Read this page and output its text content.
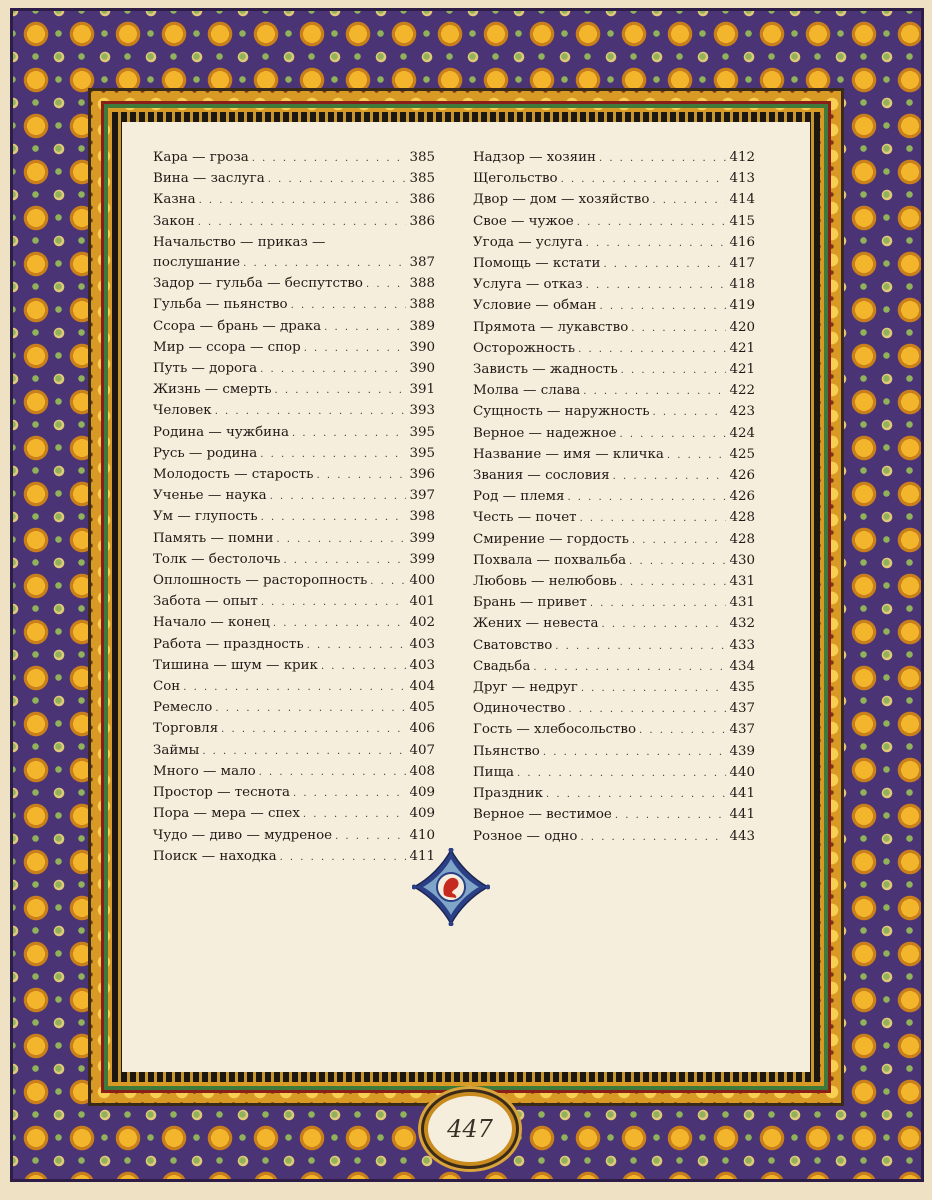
Кара — гроза . . .	385
Вина — заслуга . . .	385
Казна . . .	386
Закон . . .	386
Начальство — приказ —
послушание . . .	387
Задор — гульба — беспутство . . .	388
Гульба — пьянство . . .	388
Ссора — брань — драка . . .	389
Мир — ссора — спор . . .	390
Путь — дорога . . .	390
Жизнь — смерть . . .	391
Человек . . .	393
Родина — чужбина . . .	395
Русь — родина . . .	395
Молодость — старость . . .	396
Ученье — наука . . .	397
Ум — глупость . . .	398
Память — помни . . .	399
Толк — бестолочь . . .	399
Оплошность — расторопность . . .	400
Забота — опыт . . .	401
Начало — конец . . .	402
Работа — праздность . . .	403
Тишина — шум — крик . . .	403
Сон . . .	404
Ремесло . . .	405
Торговля . . .	406
Займы . . .	407
Много — мало . . .	408
Простор — теснота . . .	409
Пора — мера — спех . . .	409
Чудо — диво — мудреное . . .	410
Поиск — находка . . .	411
Надзор — хозяин . . .	412
Щегольство . . .	413
Двор — дом — хозяйство . . .	414
Свое — чужое . . .	415
Угода — услуга . . .	416
Помощь — кстати . . .	417
Услуга — отказ . . .	418
Условие — обман . . .	419
Прямота — лукавство . . .	420
Осторожность . . .	421
Зависть — жадность . . .	421
Молва — слава . . .	422
Сущность — наружность . . .	423
Верное — надежное . . .	424
Название — имя — кличка . . .	425
Звания — сословия . . .	426
Род — племя . . .	426
Честь — почет . . .	428
Смирение — гордость . . .	428
Похвала — похвальба . . .	430
Любовь — нелюбовь . . .	431
Брань — привет . . .	431
Жених — невеста . . .	432
Сватовство . . .	433
Свадьба . . .	434
Друг — недруг . . .	435
Одиночество . . .	437
Гость — хлебосольство . . .	437
Пьянство . . .	439
Пища . . .	440
Праздник . . .	441
Верное — вестимое . . .	441
Розное — одно . . .	443
447
